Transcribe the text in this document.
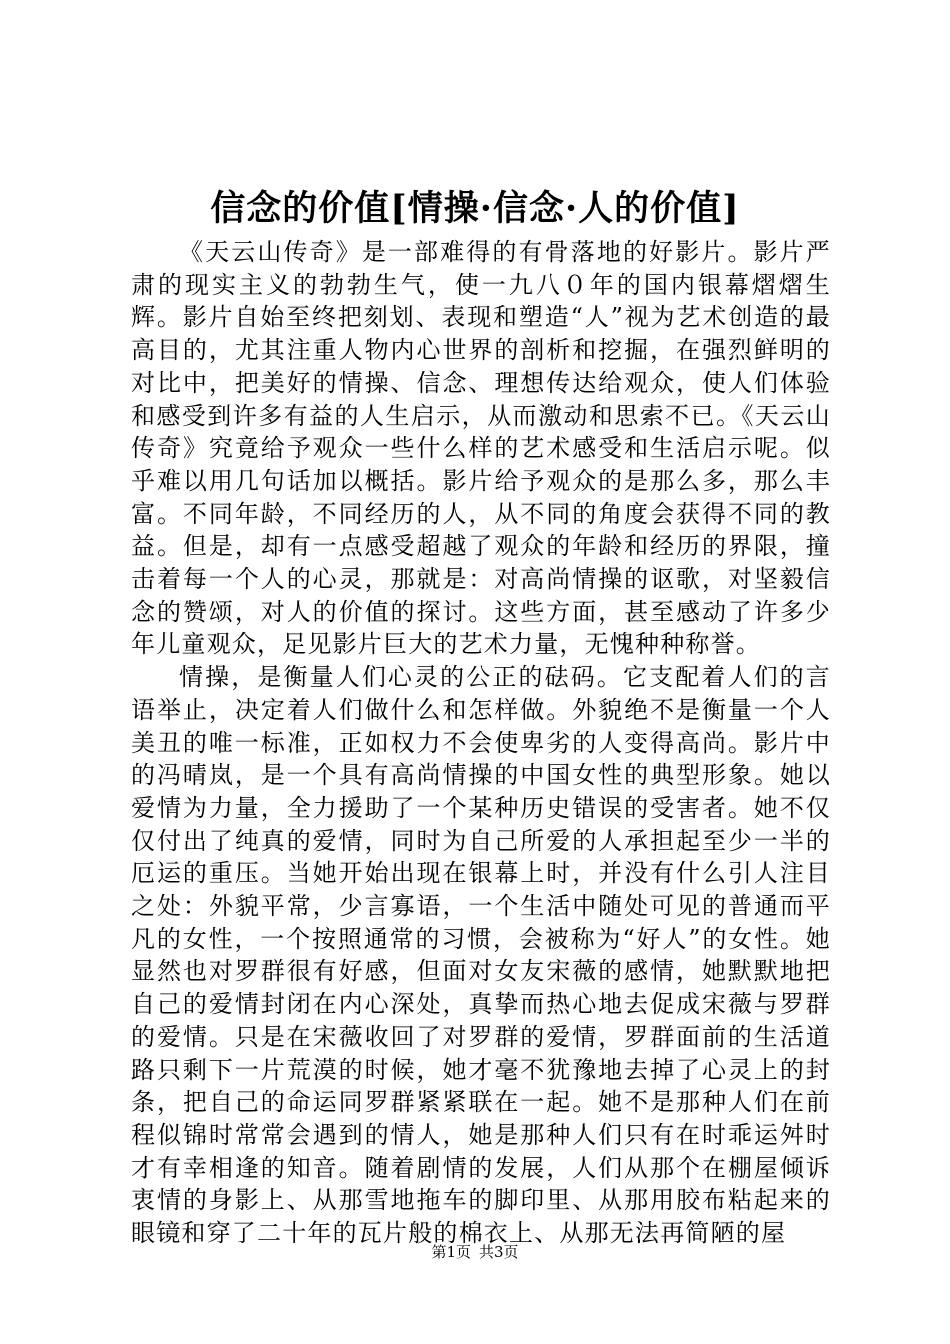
信念的价值[情操·信念·人的价值]

《天云山传奇》是一部难得的有骨落地的好影片。影片严肃的现实主义的勃勃生气，使一九八０年的国内银幕熠熠生辉。影片自始至终把刻划、表现和塑造“人”视为艺术创造的最高目的，尤其注重人物内心世界的剖析和挖掘，在强烈鲜明的对比中，把美好的情操、信念、理想传达给观众，使人们体验和感受到许多有益的人生启示，从而激动和思索不已。《天云山传奇》究竟给予观众一些什么样的艺术感受和生活启示呢。似乎难以用几句话加以概括。影片给予观众的是那么多，那么丰富。不同年龄，不同经历的人，从不同的角度会获得不同的教益。但是，却有一点感受超越了观众的年龄和经历的界限，撞击着每一个人的心灵，那就是：对高尚情操的讴歌，对坚毅信念的赞颂，对人的价值的探讨。这些方面，甚至感动了许多少年儿童观众，足见影片巨大的艺术力量，无愧种种称誉。

情操，是衡量人们心灵的公正的砝码。它支配着人们的言语举止，决定着人们做什么和怎样做。外貌绝不是衡量一个人美丑的唯一标准，正如权力不会使卑劣的人变得高尚。影片中的冯晴岚，是一个具有高尚情操的中国女性的典型形象。她以爱情为力量，全力援助了一个某种历史错误的受害者。她不仅仅付出了纯真的爱情，同时为自己所爱的人承担起至少一半的厄运的重压。当她开始出现在银幕上时，并没有什么引人注目之处：外貌平常，少言寡语，一个生活中随处可见的普通而平凡的女性，一个按照通常的习惯，会被称为“好人”的女性。她显然也对罗群很有好感，但面对女友宋薇的感情，她默默地把自己的爱情封闭在内心深处，真挚而热心地去促成宋薇与罗群的爱情。只是在宋薇收回了对罗群的爱情，罗群面前的生活道路只剩下一片荒漠的时候，她才毫不犹豫地去掉了心灵上的封条，把自己的命运同罗群紧紧联在一起。她不是那种人们在前程似锦时常常会遇到的情人，她是那种人们只有在时乖运舛时才有幸相逢的知音。随着剧情的发展，人们从那个在棚屋倾诉衷情的身影上、从那雪地拖车的脚印里、从那用胶布粘起来的眼镜和穿了二十年的瓦片般的棉衣上、从那无法再简陋的屋

第1页 共3页
